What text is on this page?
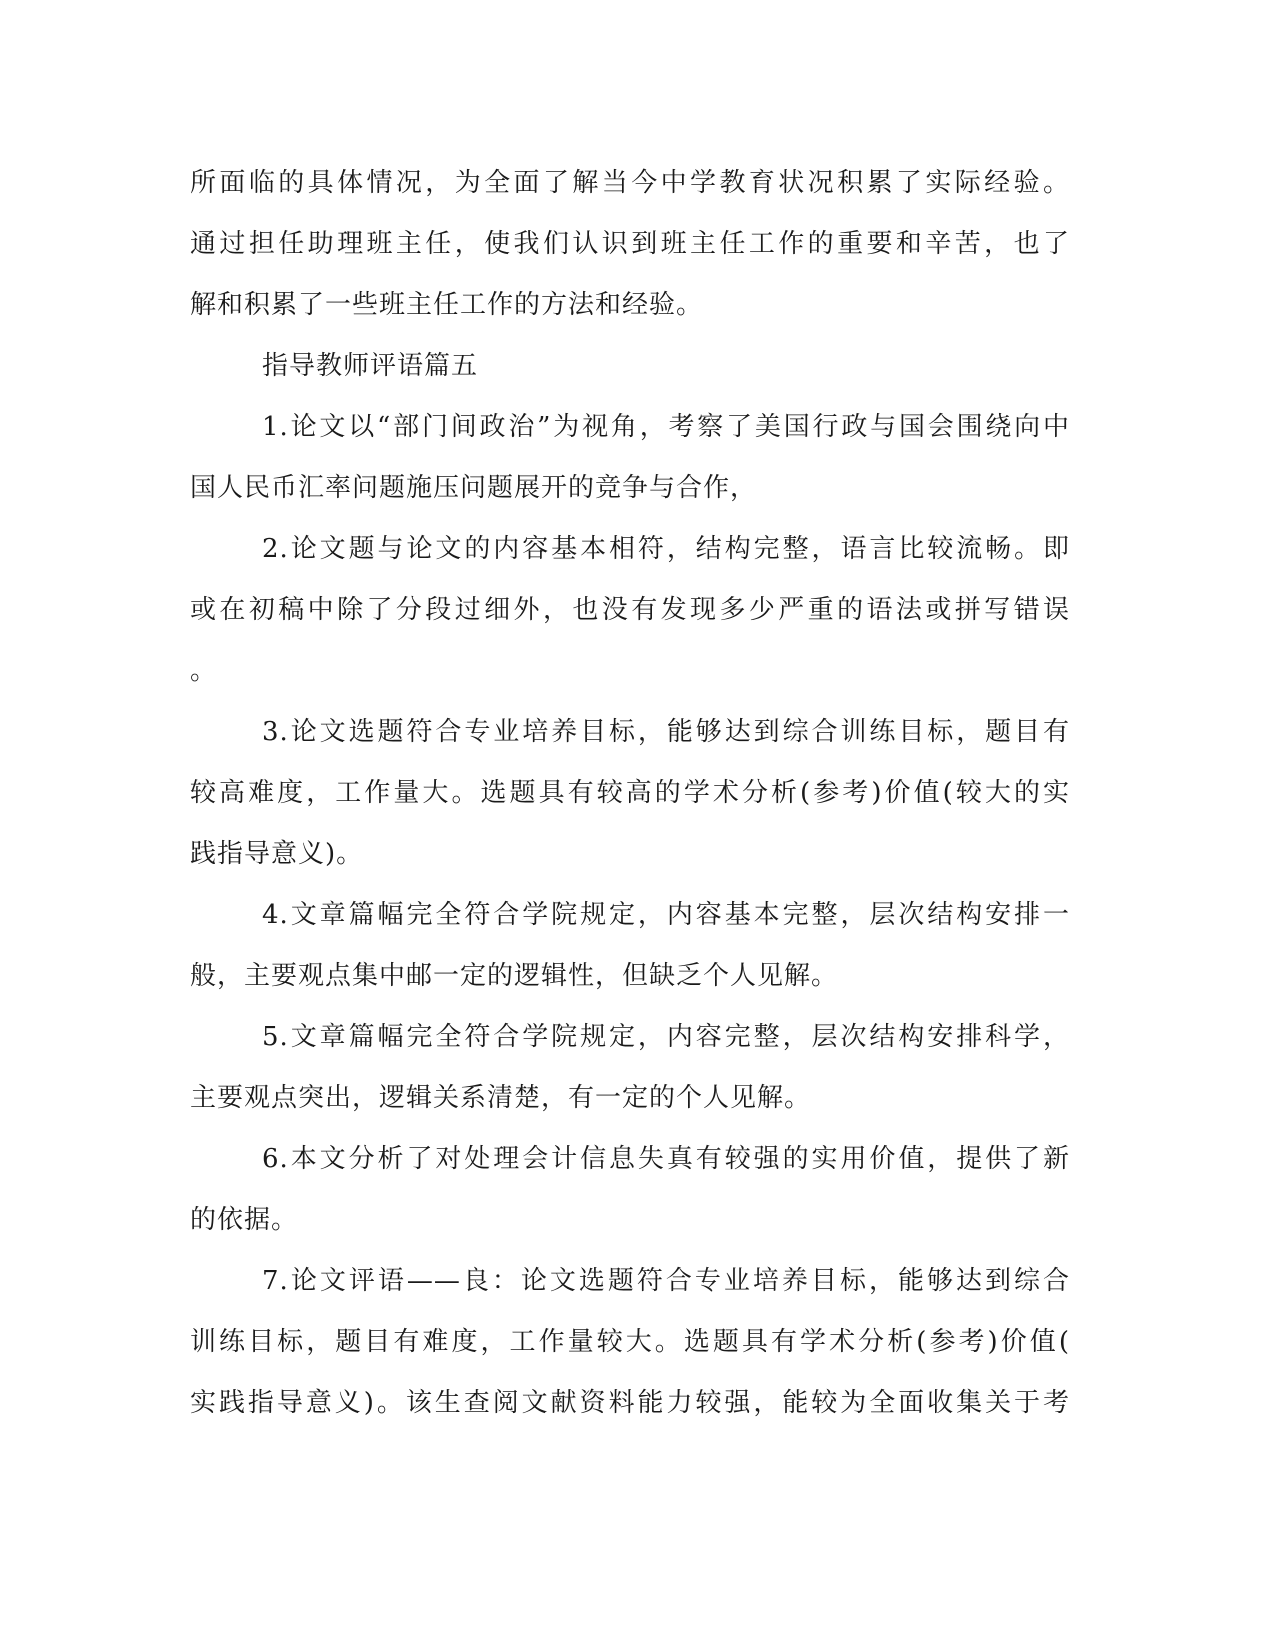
所面临的具体情况，为全面了解当今中学教育状况积累了实际经验。
通过担任助理班主任，使我们认识到班主任工作的重要和辛苦，也了
解和积累了一些班主任工作的方法和经验。
指导教师评语篇五
1.论文以“部门间政治”为视角，考察了美国行政与国会围绕向中
国人民币汇率问题施压问题展开的竞争与合作，
2.论文题与论文的内容基本相符，结构完整，语言比较流畅。即
或在初稿中除了分段过细外，也没有发现多少严重的语法或拼写错误
。
3.论文选题符合专业培养目标，能够达到综合训练目标，题目有
较高难度，工作量大。选题具有较高的学术分析(参考)价值(较大的实
践指导意义)。
4.文章篇幅完全符合学院规定，内容基本完整，层次结构安排一
般，主要观点集中邮一定的逻辑性，但缺乏个人见解。
5.文章篇幅完全符合学院规定，内容完整，层次结构安排科学，
主要观点突出，逻辑关系清楚，有一定的个人见解。
6.本文分析了对处理会计信息失真有较强的实用价值，提供了新
的依据。
7.论文评语——良：论文选题符合专业培养目标，能够达到综合
训练目标，题目有难度，工作量较大。选题具有学术分析(参考)价值(
实践指导意义)。该生查阅文献资料能力较强，能较为全面收集关于考
